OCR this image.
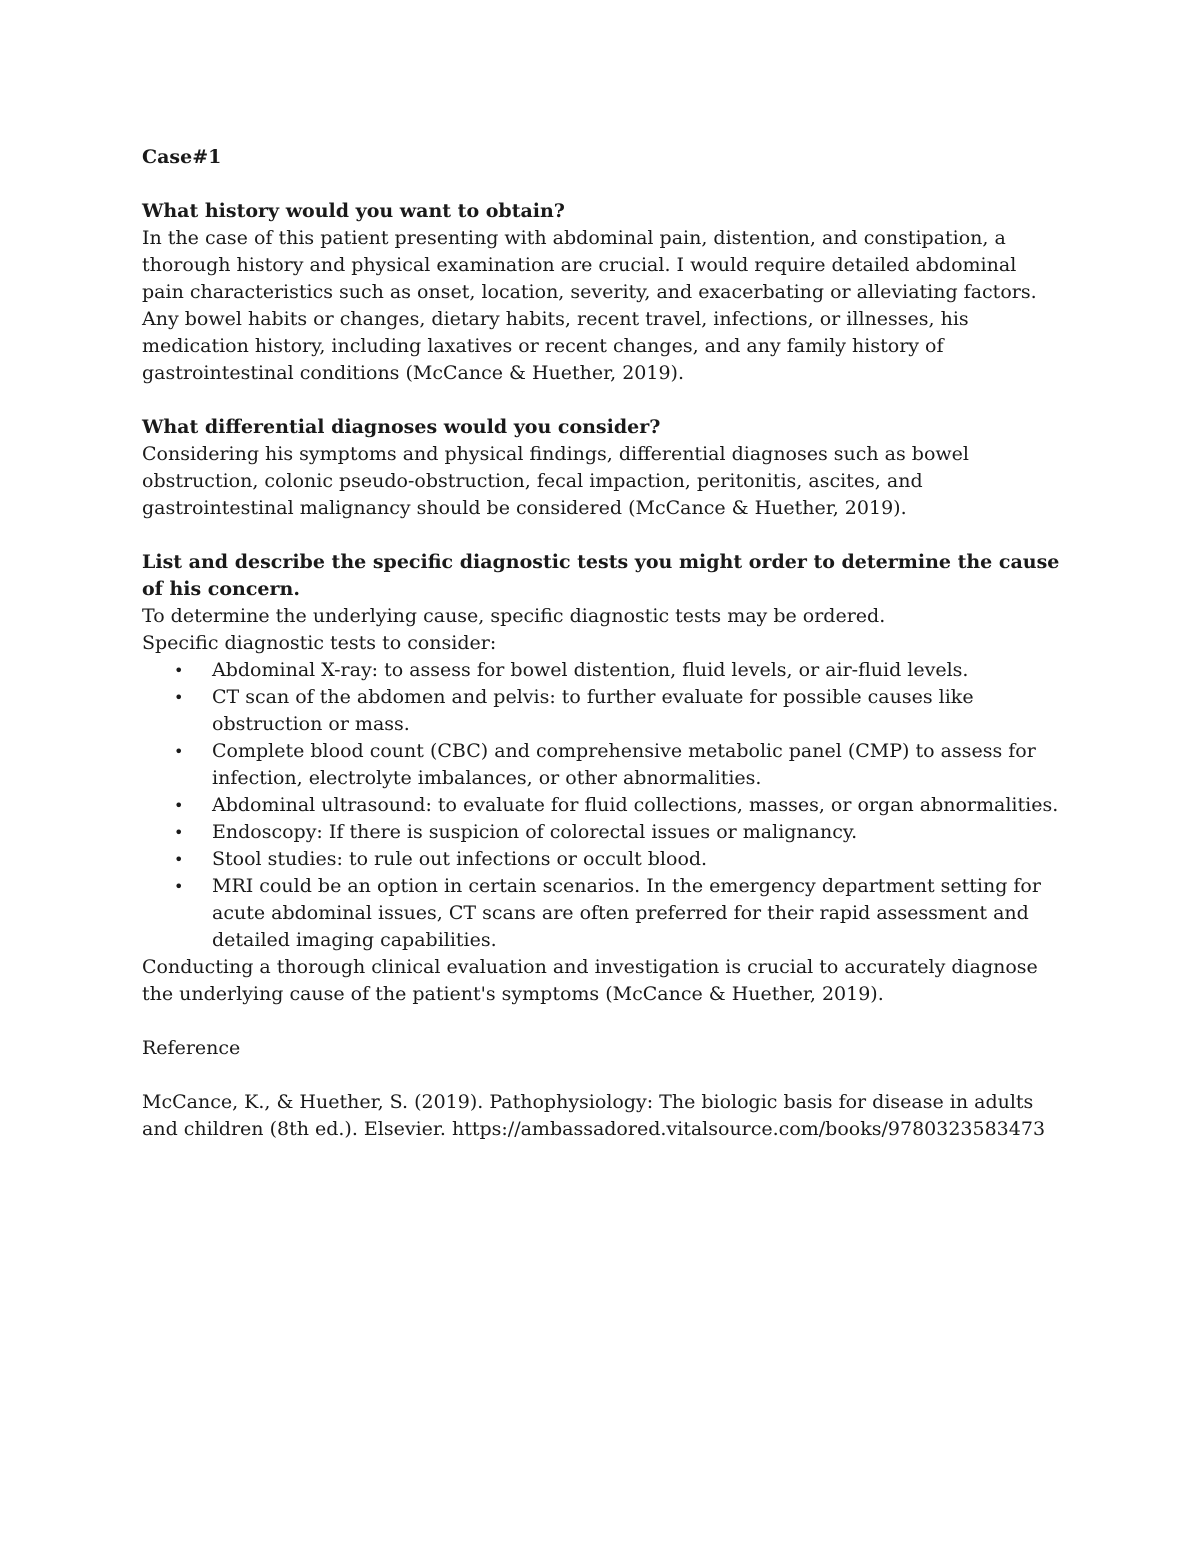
Case#1

What history would you want to obtain?

In the case of this patient presenting with abdominal pain, distention, and constipation, a thorough history and physical examination are crucial. I would require detailed abdominal pain characteristics such as onset, location, severity, and exacerbating or alleviating factors. Any bowel habits or changes, dietary habits, recent travel, infections, or illnesses, his medication history, including laxatives or recent changes, and any family history of gastrointestinal conditions (McCance & Huether, 2019).

What differential diagnoses would you consider?

Considering his symptoms and physical findings, differential diagnoses such as bowel obstruction, colonic pseudo-obstruction, fecal impaction, peritonitis, ascites, and gastrointestinal malignancy should be considered (McCance & Huether, 2019).

List and describe the specific diagnostic tests you might order to determine the cause of his concern.

To determine the underlying cause, specific diagnostic tests may be ordered.

Specific diagnostic tests to consider:

• Abdominal X-ray: to assess for bowel distention, fluid levels, or air-fluid levels.
• CT scan of the abdomen and pelvis: to further evaluate for possible causes like obstruction or mass.
• Complete blood count (CBC) and comprehensive metabolic panel (CMP) to assess for infection, electrolyte imbalances, or other abnormalities.
• Abdominal ultrasound: to evaluate for fluid collections, masses, or organ abnormalities.
• Endoscopy: If there is suspicion of colorectal issues or malignancy.
• Stool studies: to rule out infections or occult blood.
• MRI could be an option in certain scenarios. In the emergency department setting for acute abdominal issues, CT scans are often preferred for their rapid assessment and detailed imaging capabilities.

Conducting a thorough clinical evaluation and investigation is crucial to accurately diagnose the underlying cause of the patient's symptoms (McCance & Huether, 2019).

Reference

McCance, K., & Huether, S. (2019). Pathophysiology: The biologic basis for disease in adults and children (8th ed.). Elsevier. https://ambassadored.vitalsource.com/books/9780323583473
